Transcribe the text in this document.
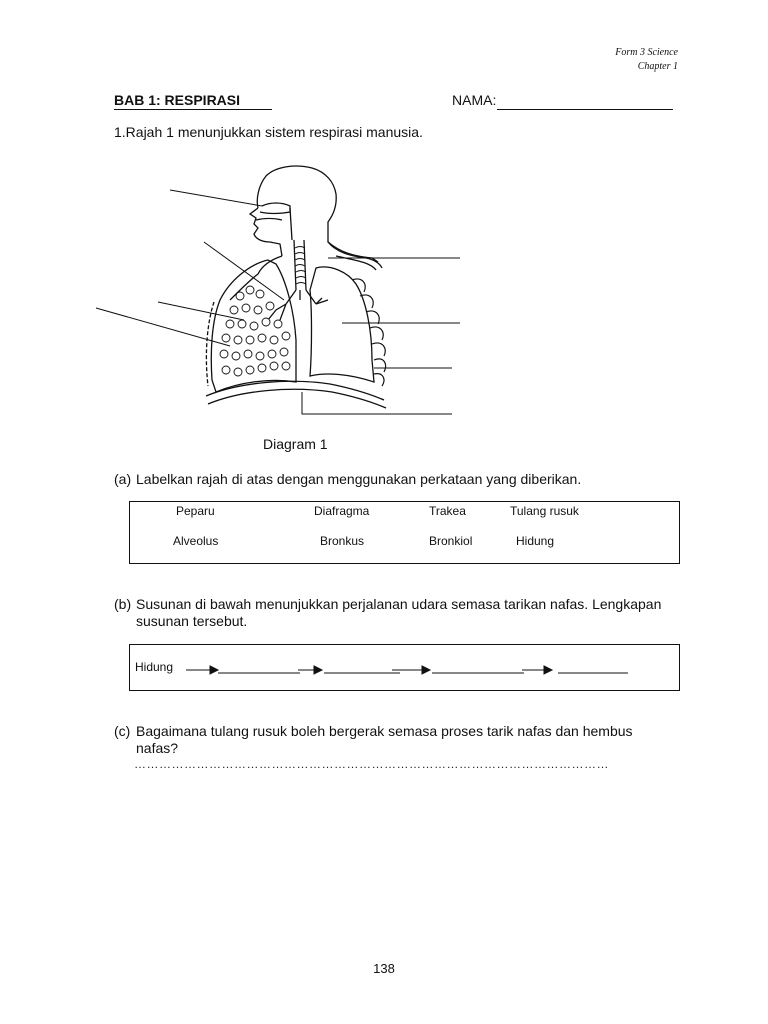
Form 3 Science
Chapter 1
BAB 1: RESPIRASI	NAMA:
1.Rajah 1 menunjukkan sistem respirasi manusia.
Diagram 1
(a) Labelkan rajah di atas dengan menggunakan perkataan yang diberikan.
Peparu	Diafragma	Trakea	Tulang rusuk
Alveolus	Bronkus	Bronkiol	Hidung
(b) Susunan di bawah menunjukkan perjalanan udara semasa tarikan nafas. Lengkapan susunan tersebut.
Hidung
(c) Bagaimana tulang rusuk boleh bergerak semasa proses tarik nafas dan hembus nafas?
……………………………………………………………………………………………………
138
